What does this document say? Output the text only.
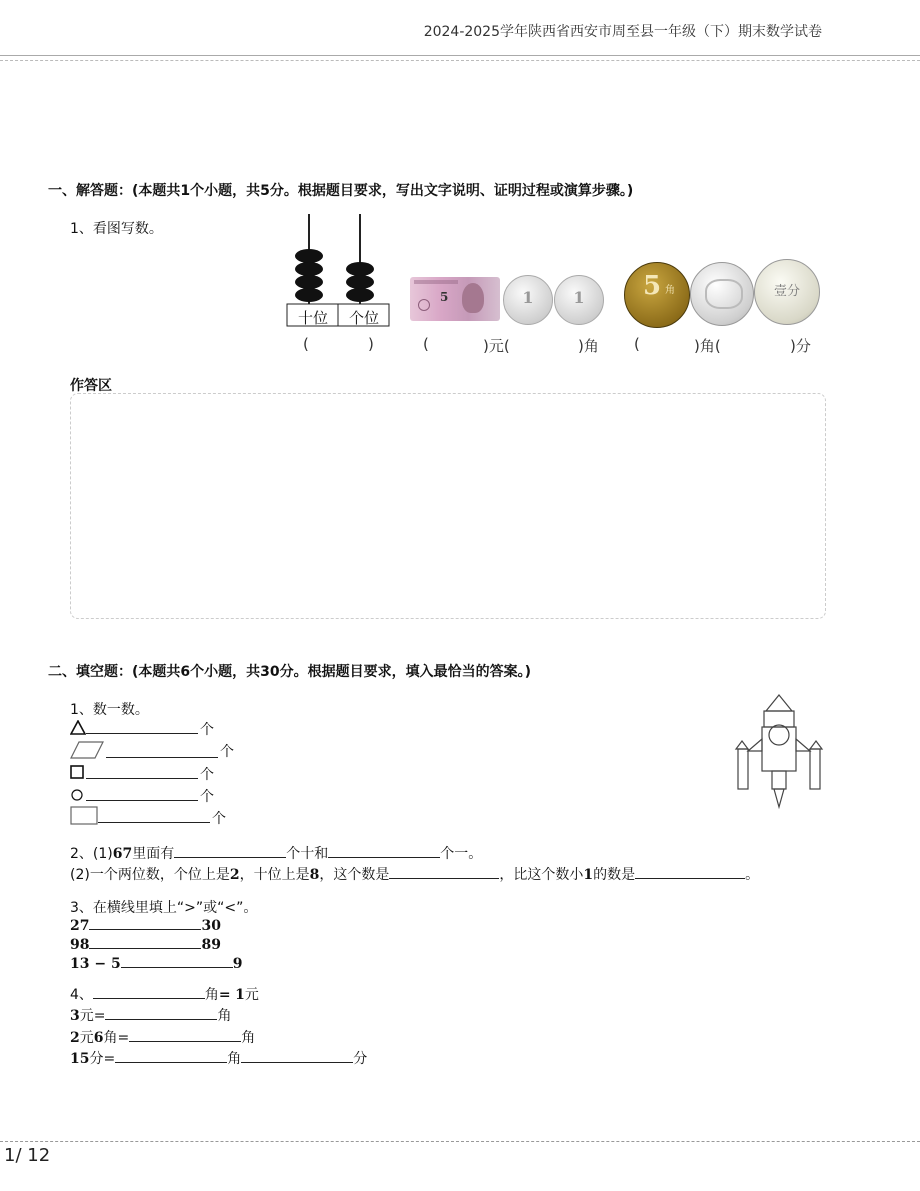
2024-2025学年陕西省西安市周至县一年级（下）期末数学试卷
一、解答题：(本题共1个小题，共5分。根据题目要求，写出文字说明、证明过程或演算步骤。)
1、看图写数。
十位	个位
5	1	1	5 角	壹分
(	)	(	)元(	)角 (	)角(	)分
作答区
二、填空题：(本题共6个小题，共30分。根据题目要求，填入最恰当的答案。)
1、数一数。
个
个
个
个
个
2、(1)67里面有	个十和	个一。
(2)一个两位数，个位上是2，十位上是8，这个数是	，比这个数小1的数是	。
3、在横线里填上“>”或“<”。
27	30
98	89
13 − 5	9
4、	角= 1元
3元=	角
2元6角=	角
15分=	角	分
1/ 12
